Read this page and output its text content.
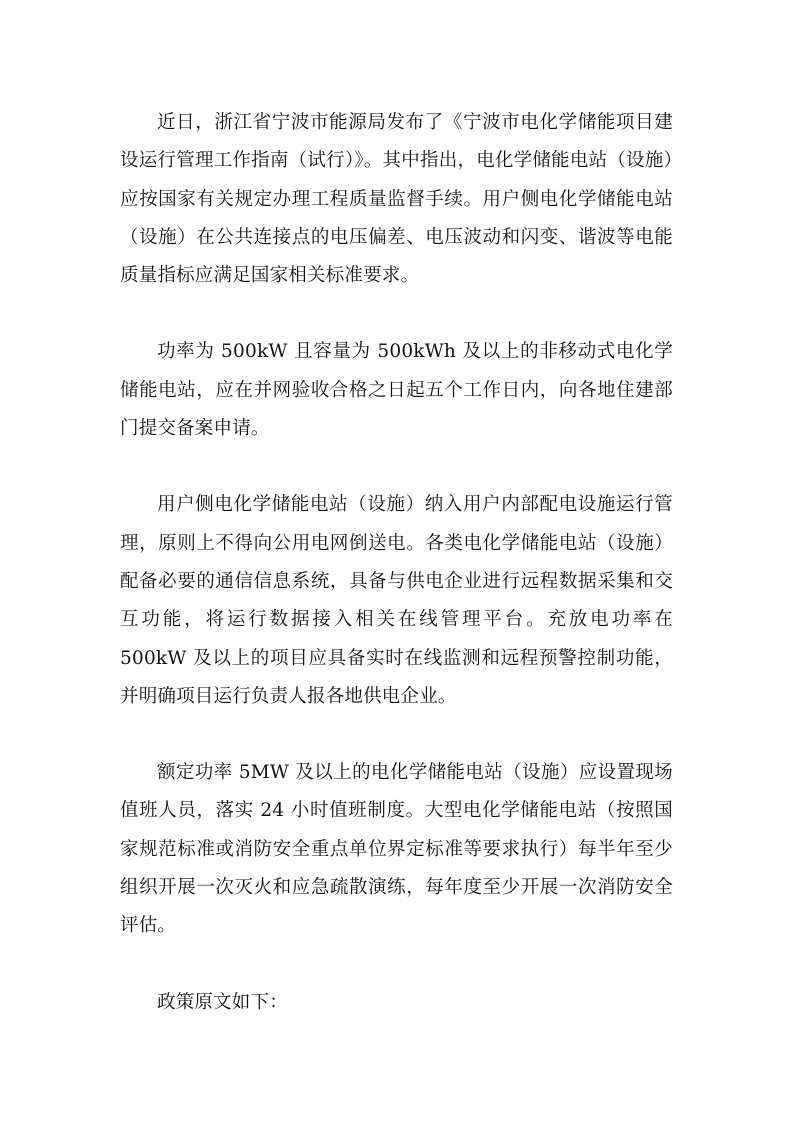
近日，浙江省宁波市能源局发布了《宁波市电化学储能项目建设运行管理工作指南（试行）》。其中指出，电化学储能电站（设施）应按国家有关规定办理工程质量监督手续。用户侧电化学储能电站（设施）在公共连接点的电压偏差、电压波动和闪变、谐波等电能质量指标应满足国家相关标准要求。

功率为 500kW 且容量为 500kWh 及以上的非移动式电化学储能电站，应在并网验收合格之日起五个工作日内，向各地住建部门提交备案申请。

用户侧电化学储能电站（设施）纳入用户内部配电设施运行管理，原则上不得向公用电网倒送电。各类电化学储能电站（设施）配备必要的通信信息系统，具备与供电企业进行远程数据采集和交互功能，将运行数据接入相关在线管理平台。充放电功率在 500kW 及以上的项目应具备实时在线监测和远程预警控制功能，并明确项目运行负责人报各地供电企业。

额定功率 5MW 及以上的电化学储能电站（设施）应设置现场值班人员，落实 24 小时值班制度。大型电化学储能电站（按照国家规范标准或消防安全重点单位界定标准等要求执行）每半年至少组织开展一次灭火和应急疏散演练，每年度至少开展一次消防安全评估。

政策原文如下：
